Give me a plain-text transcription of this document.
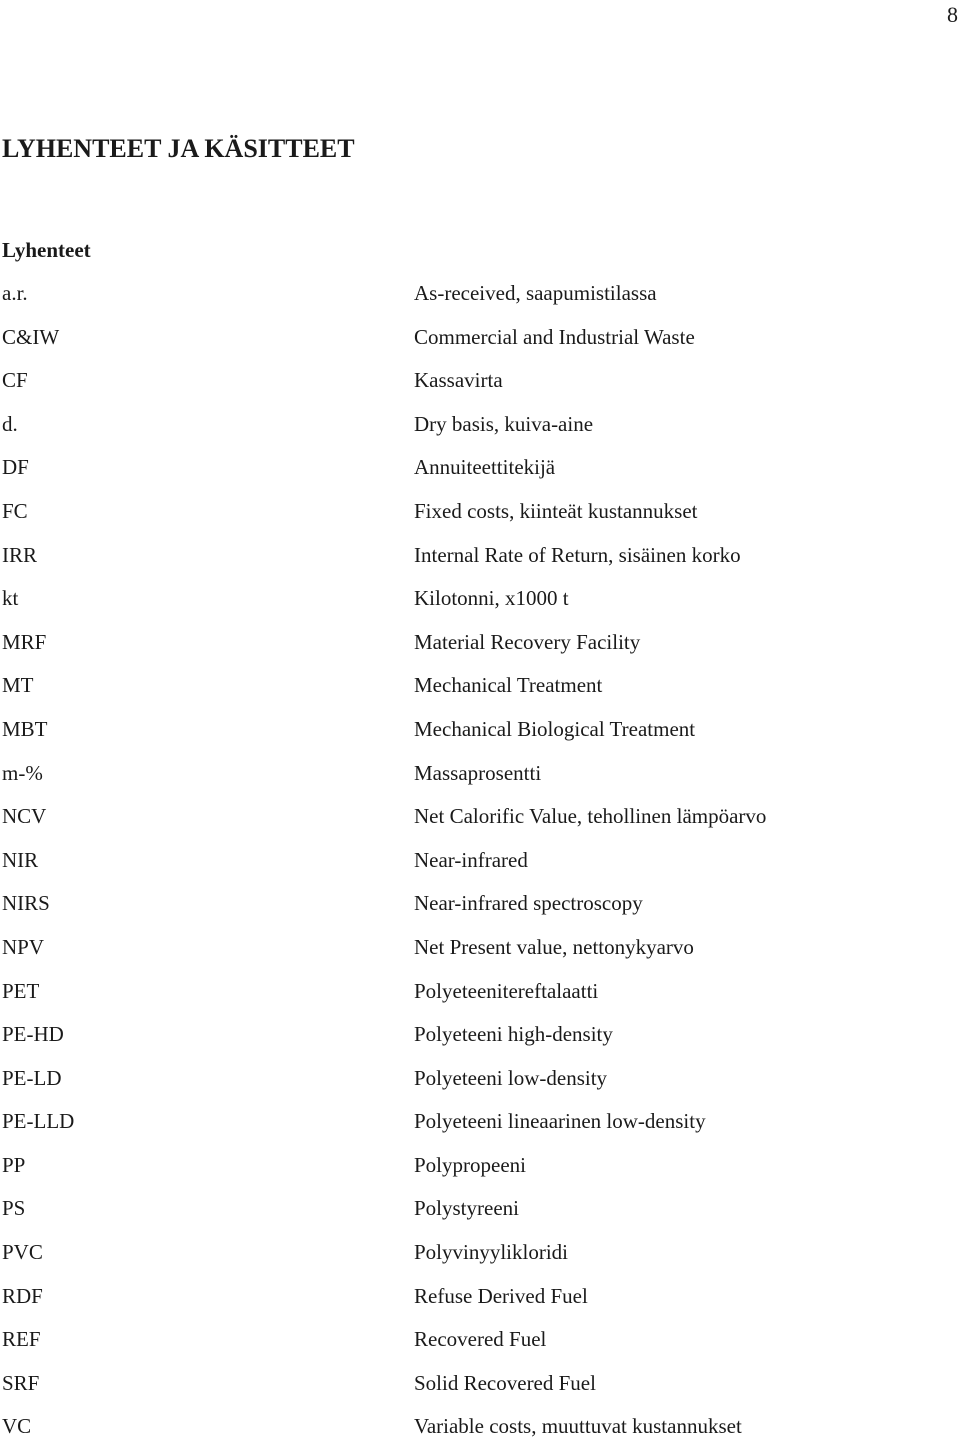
8
LYHENTEET JA KÄSITTEET
Lyhenteet
a.r.	As-received, saapumistilassa
C&IW	Commercial and Industrial Waste
CF	Kassavirta
d.	Dry basis, kuiva-aine
DF	Annuiteettitekijä
FC	Fixed costs, kiinteät kustannukset
IRR	Internal Rate of Return, sisäinen korko
kt	Kilotonni, x1000 t
MRF	Material Recovery Facility
MT	Mechanical Treatment
MBT	Mechanical Biological Treatment
m-%	Massaprosentti
NCV	Net Calorific Value, tehollinen lämpöarvo
NIR	Near-infrared
NIRS	Near-infrared spectroscopy
NPV	Net Present value, nettonykyarvo
PET	Polyeteenitereftalaatti
PE-HD	Polyeteeni high-density
PE-LD	Polyeteeni low-density
PE-LLD	Polyeteeni lineaarinen low-density
PP	Polypropeeni
PS	Polystyreeni
PVC	Polyvinyylikloridi
RDF	Refuse Derived Fuel
REF	Recovered Fuel
SRF	Solid Recovered Fuel
VC	Variable costs, muuttuvat kustannukset
